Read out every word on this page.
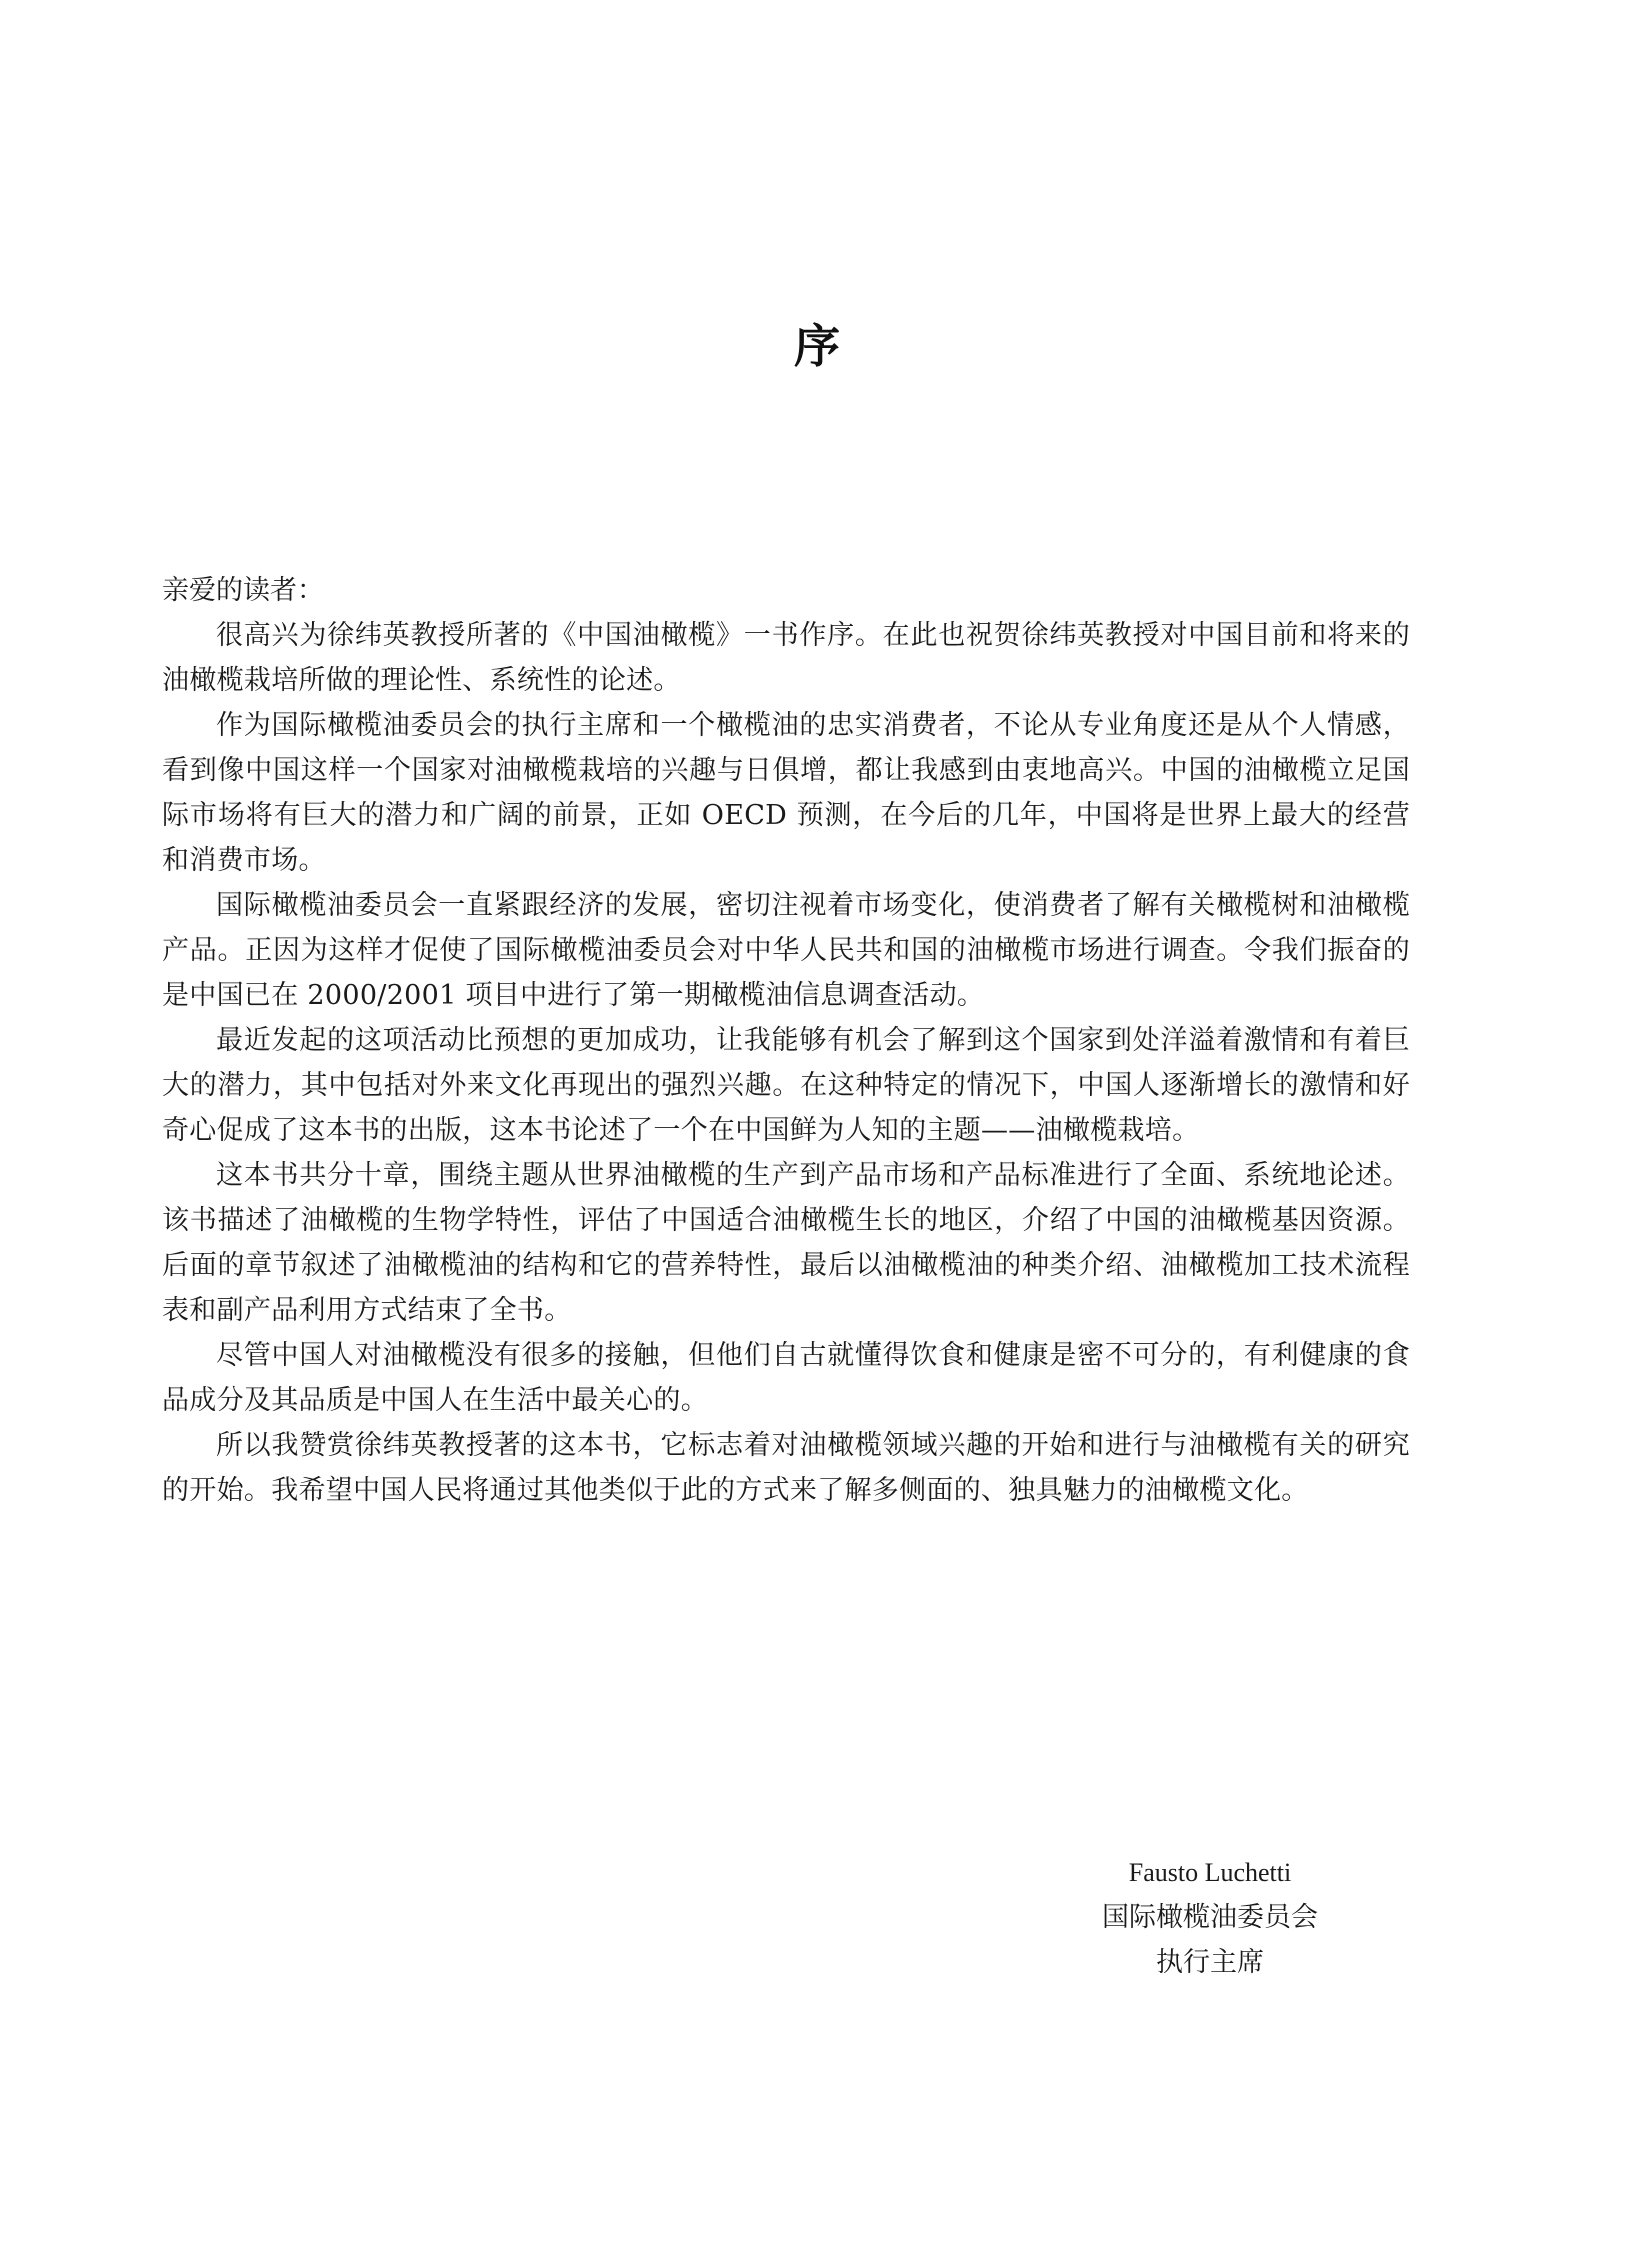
序

亲爱的读者：

很高兴为徐纬英教授所著的《中国油橄榄》一书作序。在此也祝贺徐纬英教授对中国目前和将来的油橄榄栽培所做的理论性、系统性的论述。

作为国际橄榄油委员会的执行主席和一个橄榄油的忠实消费者，不论从专业角度还是从个人情感，看到像中国这样一个国家对油橄榄栽培的兴趣与日俱增，都让我感到由衷地高兴。中国的油橄榄立足国际市场将有巨大的潜力和广阔的前景，正如 OECD 预测，在今后的几年，中国将是世界上最大的经营和消费市场。

国际橄榄油委员会一直紧跟经济的发展，密切注视着市场变化，使消费者了解有关橄榄树和油橄榄产品。正因为这样才促使了国际橄榄油委员会对中华人民共和国的油橄榄市场进行调查。令我们振奋的是中国已在 2000/2001 项目中进行了第一期橄榄油信息调查活动。

最近发起的这项活动比预想的更加成功，让我能够有机会了解到这个国家到处洋溢着激情和有着巨大的潜力，其中包括对外来文化再现出的强烈兴趣。在这种特定的情况下，中国人逐渐增长的激情和好奇心促成了这本书的出版，这本书论述了一个在中国鲜为人知的主题——油橄榄栽培。

这本书共分十章，围绕主题从世界油橄榄的生产到产品市场和产品标准进行了全面、系统地论述。该书描述了油橄榄的生物学特性，评估了中国适合油橄榄生长的地区，介绍了中国的油橄榄基因资源。后面的章节叙述了油橄榄油的结构和它的营养特性，最后以油橄榄油的种类介绍、油橄榄加工技术流程表和副产品利用方式结束了全书。

尽管中国人对油橄榄没有很多的接触，但他们自古就懂得饮食和健康是密不可分的，有利健康的食品成分及其品质是中国人在生活中最关心的。

所以我赞赏徐纬英教授著的这本书，它标志着对油橄榄领域兴趣的开始和进行与油橄榄有关的研究的开始。我希望中国人民将通过其他类似于此的方式来了解多侧面的、独具魅力的油橄榄文化。

Fausto Luchetti

国际橄榄油委员会

执行主席
